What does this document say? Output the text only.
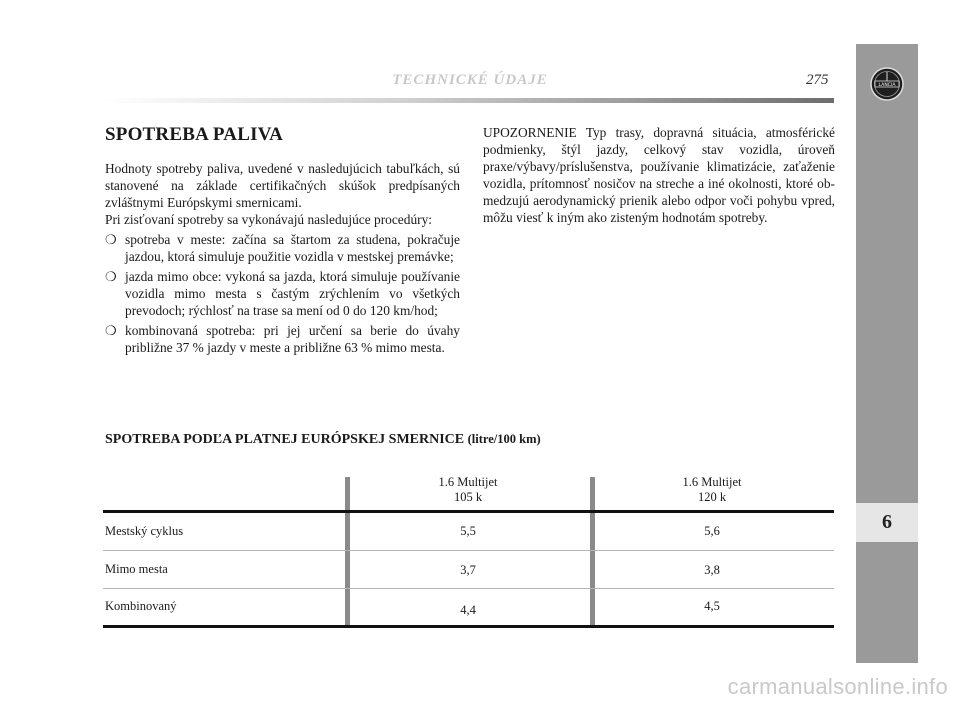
TECHNICKÉ ÚDAJE	275	LANCIA
6
SPOTREBA PALIVA

Hodnoty spotreby paliva, uvedené v nasledujúcich tabuľkách, sú stanovené na základe certifikačných skúšok predpísaných zvláštnymi Európskymi smernicami.

Pri zisťovaní spotreby sa vykonávajú nasledujúce procedúry:

❍ spotreba v meste: začína sa štartom za studena, pokračuje jazdou, ktorá simuluje použitie vozidla v mestskej premávke;
❍ jazda mimo obce: vykoná sa jazda, ktorá simuluje používanie vozidla mimo mesta s častým zrýchlením vo všetkých prevodoch; rýchlosť na trase sa mení od 0 do 120 km/hod;
❍ kombinovaná spotreba: pri jej určení sa berie do úvahy približne 37 % jazdy v meste a približne 63 % mimo mesta.
UPOZORNENIE Typ trasy, dopravná situácia, atmosférické podmienky, štýl jazdy, celkový stav vozidla, úroveň praxe/výbavy/príslušenstva, používanie klimatizácie, zaťaženie vozidla, prítomnosť nosičov na streche a iné okolnosti, ktoré ob-medzujú aerodynamický prienik alebo odpor voči pohybu vpred, môžu viesť k iným ako zisteným hodnotám spotreby.
SPOTREBA PODĽA PLATNEJ EURÓPSKEJ SMERNICE (litre/100 km)
1.6 Multijet
105 k
1.6 Multijet
120 k
Mestský cyklus	5,5	5,6
Mimo mesta	3,7	3,8
Kombinovaný	4,4	4,5
carmanualsonline.info
